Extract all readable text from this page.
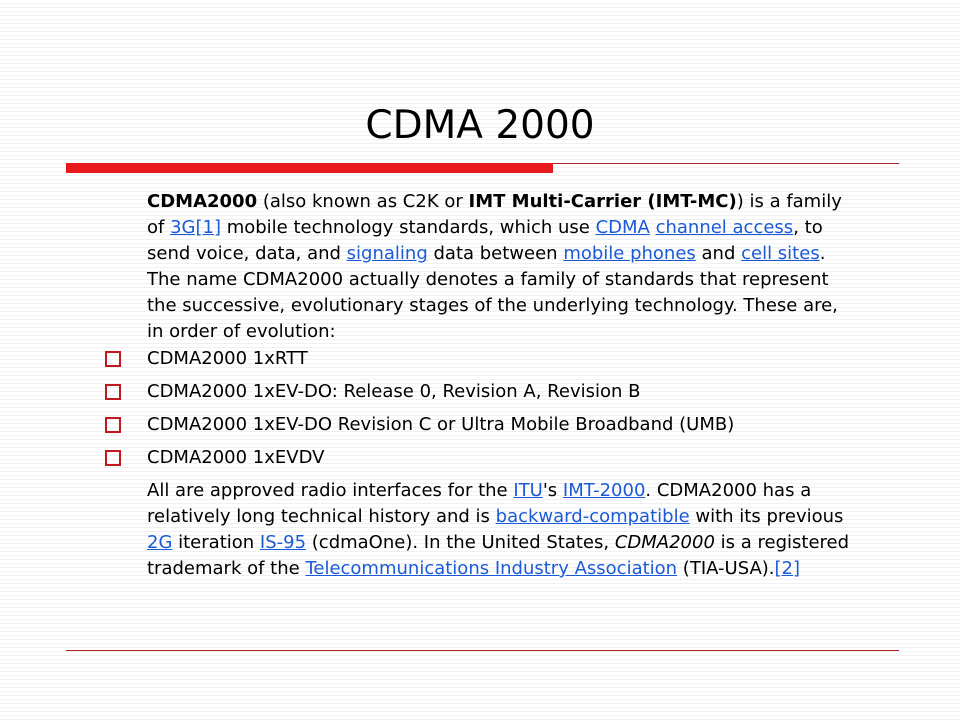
CDMA 2000

CDMA2000 (also known as C2K or IMT Multi-Carrier (IMT-MC)) is a family of 3G[1] mobile technology standards, which use CDMA channel access, to send voice, data, and signaling data between mobile phones and cell sites. The name CDMA2000 actually denotes a family of standards that represent the successive, evolutionary stages of the underlying technology. These are, in order of evolution:

CDMA2000 1xRTT
CDMA2000 1xEV-DO: Release 0, Revision A, Revision B
CDMA2000 1xEV-DO Revision C or Ultra Mobile Broadband (UMB)
CDMA2000 1xEVDV

All are approved radio interfaces for the ITU's IMT-2000. CDMA2000 has a relatively long technical history and is backward-compatible with its previous 2G iteration IS-95 (cdmaOne). In the United States, CDMA2000 is a registered trademark of the Telecommunications Industry Association (TIA-USA).[2]
